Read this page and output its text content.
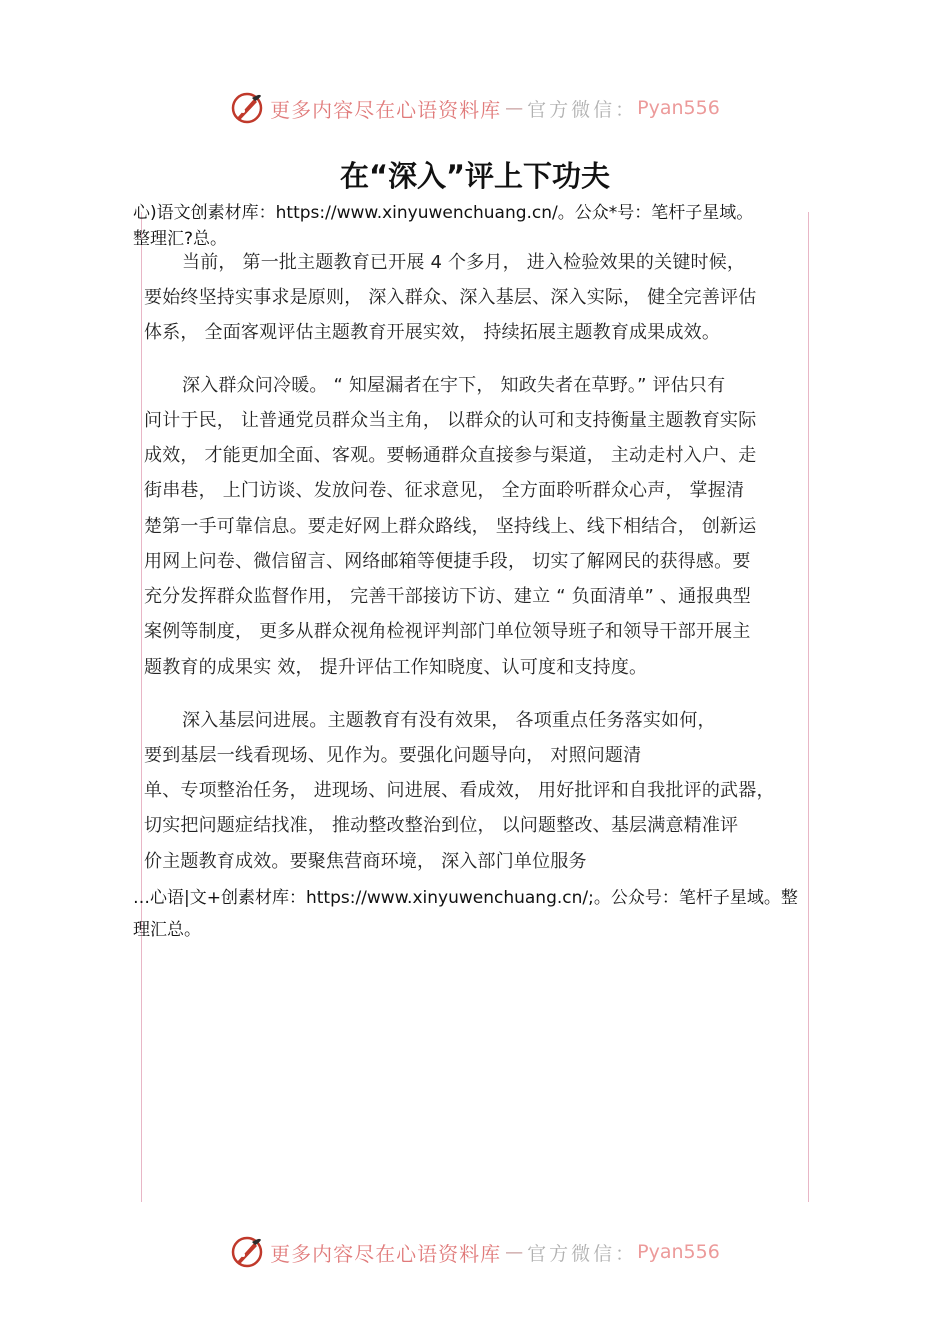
更多内容尽在心语资料库 — 官方微信： Pyan556
在“深入”评上下功夫
心)语文创素材库：https://www.xinyuwenchuang.cn/。公众*号：笔杆子星域。
整理汇?总。
当前， 第一批主题教育已开展 4 个多月， 进入检验效果的关键时候，
要始终坚持实事求是原则， 深入群众、深入基层、深入实际， 健全完善评估
体系， 全面客观评估主题教育开展实效， 持续拓展主题教育成果成效。
深入群众问冷暖。 “ 知屋漏者在宇下， 知政失者在草野。” 评估只有
问计于民， 让普通党员群众当主角， 以群众的认可和支持衡量主题教育实际
成效， 才能更加全面、客观。要畅通群众直接参与渠道， 主动走村入户、走
街串巷， 上门访谈、发放问卷、征求意见， 全方面聆听群众心声， 掌握清
楚第一手可靠信息。要走好网上群众路线， 坚持线上、线下相结合， 创新运
用网上问卷、微信留言、网络邮箱等便捷手段， 切实了解网民的获得感。要
充分发挥群众监督作用， 完善干部接访下访、建立 “ 负面清单” 、通报典型
案例等制度， 更多从群众视角检视评判部门单位领导班子和领导干部开展主
题教育的成果实 效， 提升评估工作知晓度、认可度和支持度。
深入基层问进展。主题教育有没有效果， 各项重点任务落实如何，
要到基层一线看现场、见作为。要强化问题导向， 对照问题清
单、专项整治任务， 进现场、问进展、看成效， 用好批评和自我批评的武器，
切实把问题症结找准， 推动整改整治到位， 以问题整改、基层满意精准评
价主题教育成效。要聚焦营商环境， 深入部门单位服务
…心语|文+创素材库：https://www.xinyuwenchuang.cn/;。公众号：笔杆子星域。整
理汇总。
更多内容尽在心语资料库 — 官方微信： Pyan556
